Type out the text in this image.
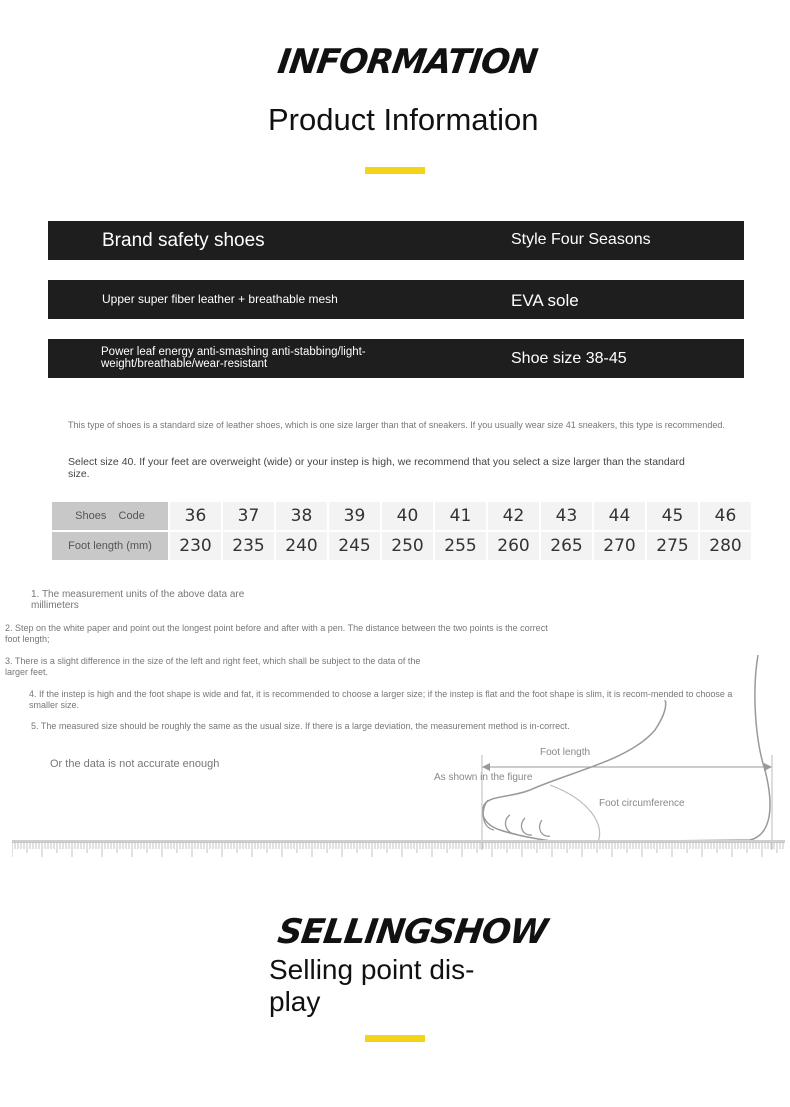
INFORMATION
Product Information
Brand safety shoes	Style Four Seasons
Upper super fiber leather + breathable mesh	EVA sole
Power leaf energy anti-smashing anti-stabbing/light-weight/breathable/wear-resistant	Shoe size 38-45
This type of shoes is a standard size of leather shoes, which is one size larger than that of sneakers. If you usually wear size 41 sneakers, this type is recommended.
Select size 40. If your feet are overweight (wide) or your instep is high, we recommend that you select a size larger than the standard size.
Shoes    Code	36	37	38	39	40	41	42	43	44	45	46
Foot length (mm)	230	235	240	245	250	255	260	265	270	275	280
1. The measurement units of the above data are millimeters
2. Step on the white paper and point out the longest point before and after with a pen. The distance between the two points is the correct foot length;
3. There is a slight difference in the size of the left and right feet, which shall be subject to the data of the larger feet.
4. If the instep is high and the foot shape is wide and fat, it is recommended to choose a larger size; if the instep is flat and the foot shape is slim, it is recom-mended to choose a smaller size.
5. The measured size should be roughly the same as the usual size. If there is a large deviation, the measurement method is in-correct.
Or the data is not accurate enough
Foot length
As shown in the figure
Foot circumference
SELLINGSHOW
Selling point dis-play
